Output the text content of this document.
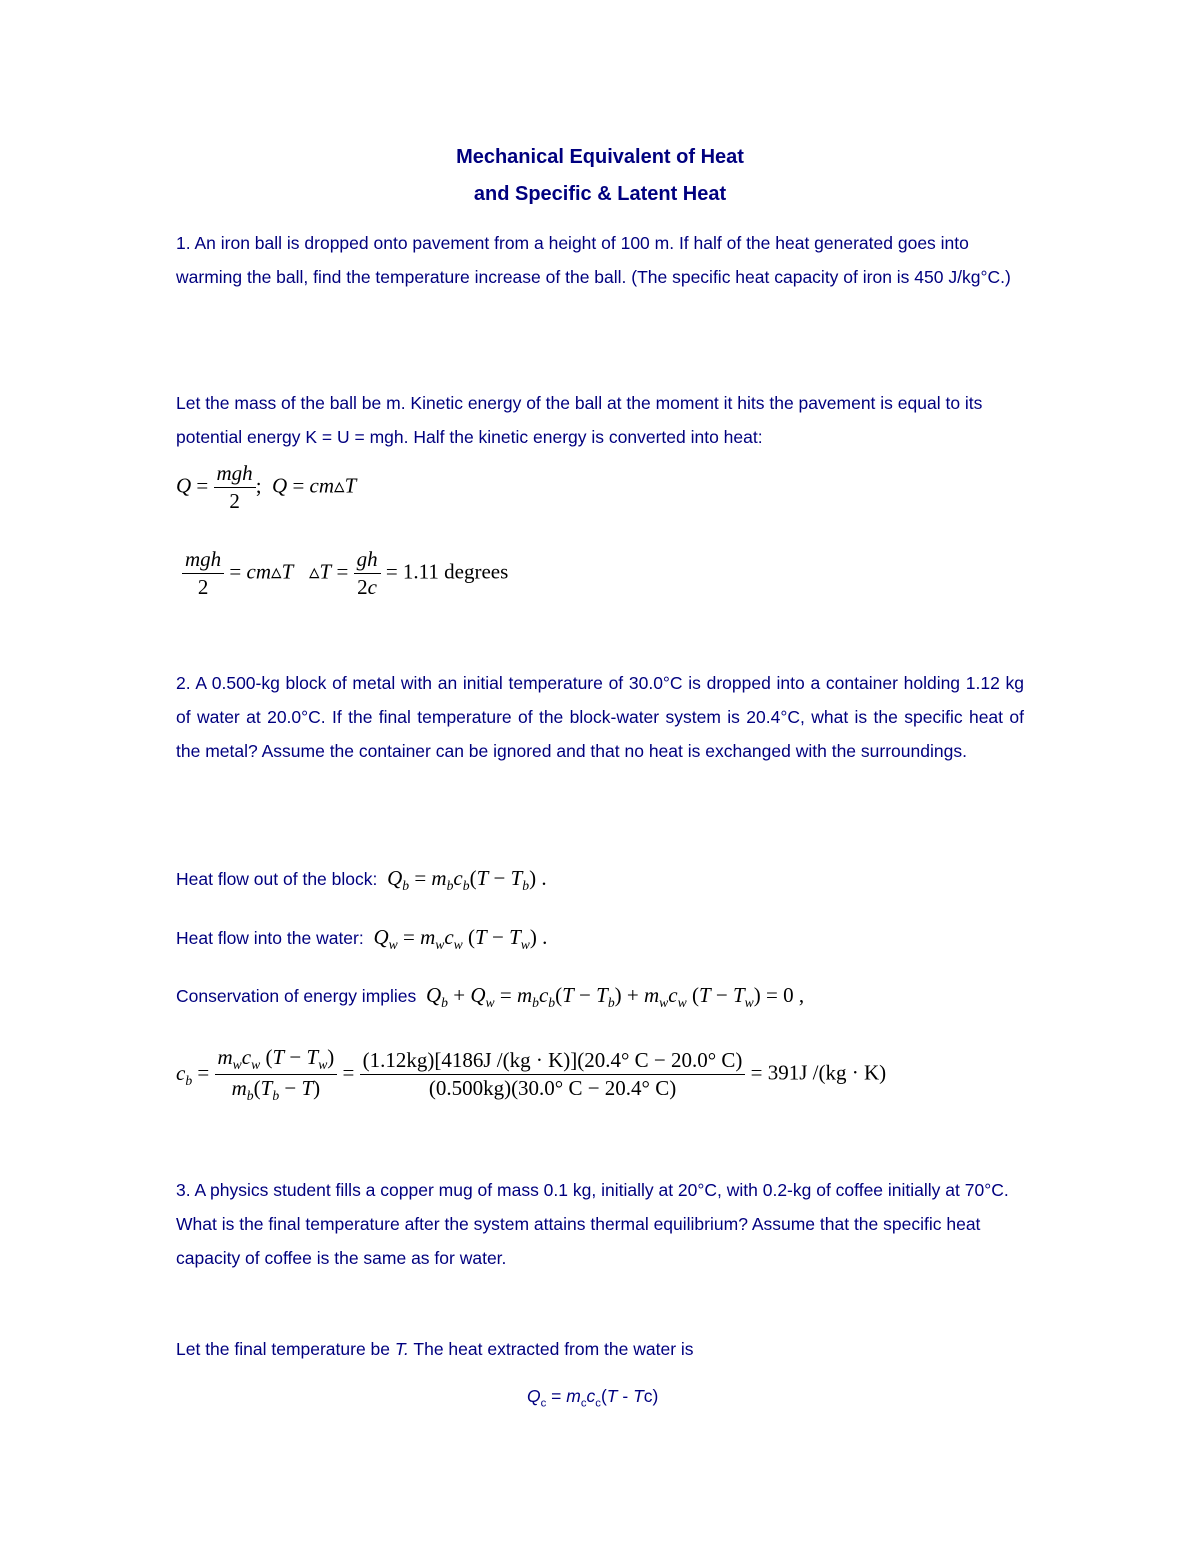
Mechanical Equivalent of Heat
and Specific & Latent Heat
1. An iron ball is dropped onto pavement from a height of 100 m. If half of the heat generated goes into warming the ball, find the temperature increase of the ball. (The specific heat capacity of iron is 450 J/kg°C.)
Let the mass of the ball be m. Kinetic energy of the ball at the moment it hits the pavement is equal to its potential energy K = U = mgh. Half the kinetic energy is converted into heat:
$Q = \frac{\text{mgh}}{2}$ ;  Q = cm▵T
$\frac{\text{mgh}}{2}$ = cm▵T   ▵T = $\frac{gh}{2c} = 1.11$ degrees
2. A 0.500-kg block of metal with an initial temperature of 30.0°C is dropped into a container holding 1.12 kg of water at 20.0°C. If the final temperature of the block-water system is 20.4°C, what is the specific heat of the metal? Assume the container can be ignored and that no heat is exchanged with the surroundings.
Heat flow out of the block: $Q_b = m_bc_b(T - T_b)$ .
Heat flow into the water: $Q_w = m_wc_w$ $(T - T_w)$ .
Conservation of energy implies $Q_b + Q_w = m_bc_b(T - T_b) + m_wc_w$ $(T - T_w) = 0$ ,
$c_b = \frac{m_wc_w (T - T_w)}{m_b(T_b - T)} = \frac{(1.12kg)[4186J /(kg \cdot K)](20.4^\circ C - 20.0^\circ C)}{(0.500kg)(30.0^\circ C - 20.4^\circ C)} = 391J$ /(kg · K)
3. A physics student fills a copper mug of mass 0.1 kg, initially at 20°C, with 0.2-kg of coffee initially at 70°C. What is the final temperature after the system attains thermal equilibrium? Assume that the specific heat capacity of coffee is the same as for water.
Let the final temperature be T. The heat extracted from the water is
$Q_c = m_cc_c(T - Tc)$
